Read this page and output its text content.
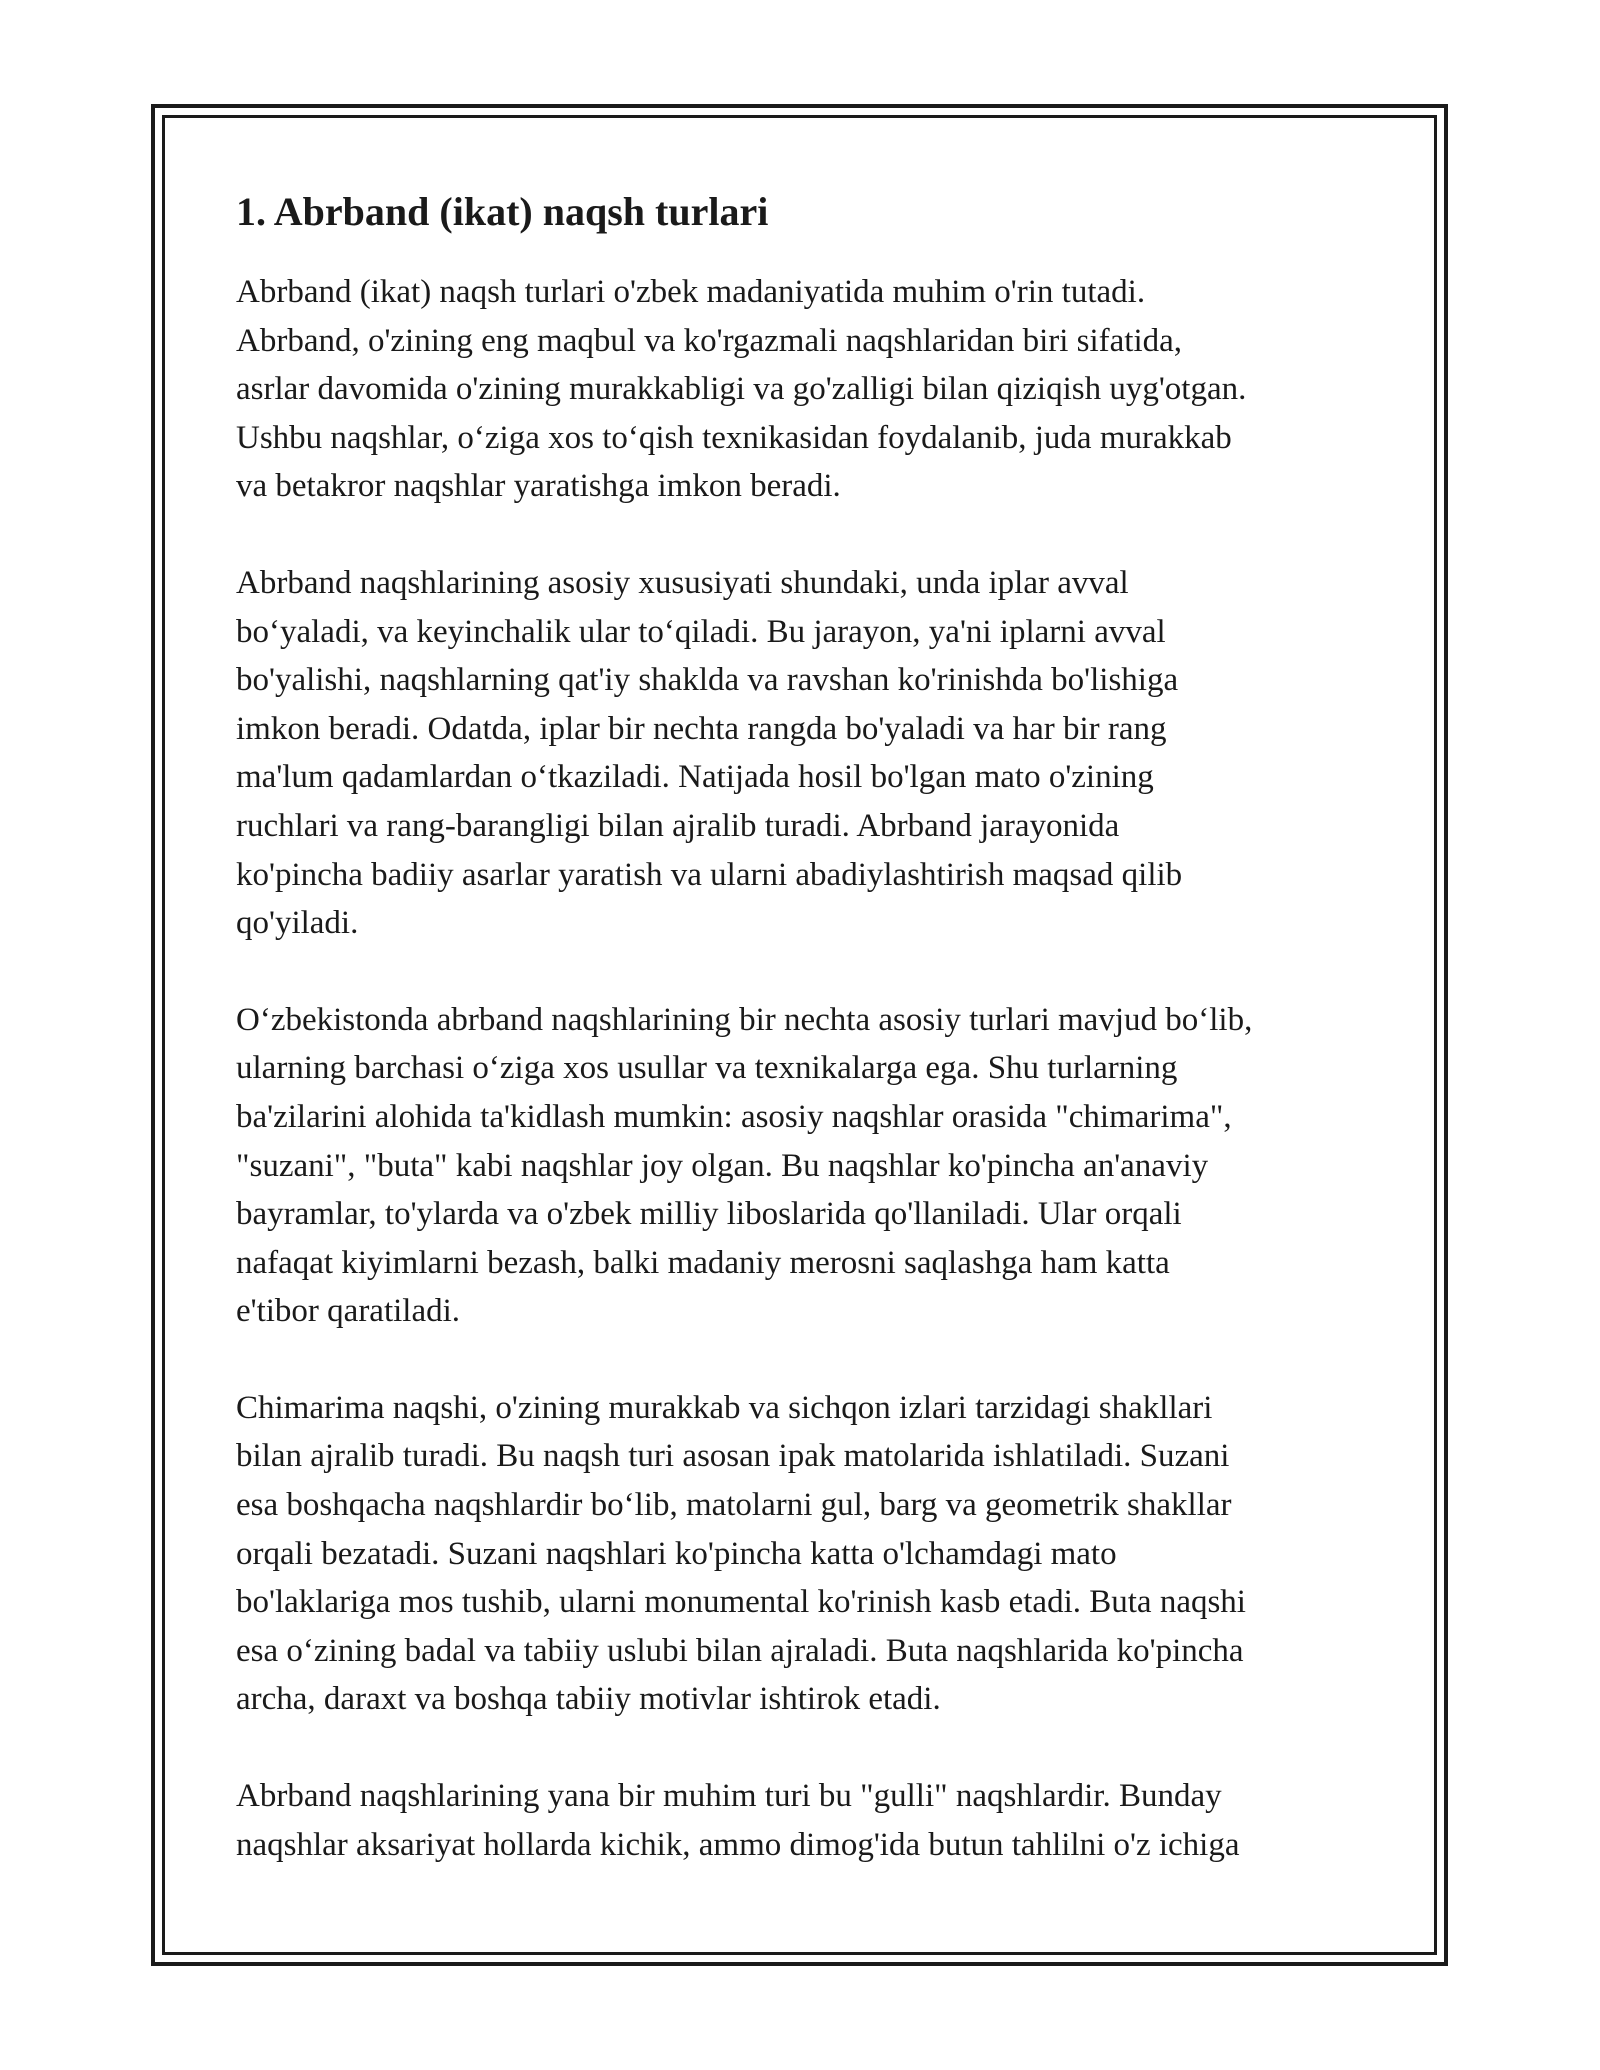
1. Abrband (ikat) naqsh turlari

Abrband (ikat) naqsh turlari o'zbek madaniyatida muhim o'rin tutadi.
Abrband, o'zining eng maqbul va ko'rgazmali naqshlaridan biri sifatida,
asrlar davomida o'zining murakkabligi va go'zalligi bilan qiziqish uyg'otgan.
Ushbu naqshlar, o‘ziga xos to‘qish texnikasidan foydalanib, juda murakkab
va betakror naqshlar yaratishga imkon beradi.

Abrband naqshlarining asosiy xususiyati shundaki, unda iplar avval
bo‘yaladi, va keyinchalik ular to‘qiladi. Bu jarayon, ya'ni iplarni avval
bo'yalishi, naqshlarning qat'iy shaklda va ravshan ko'rinishda bo'lishiga
imkon beradi. Odatda, iplar bir nechta rangda bo'yaladi va har bir rang
ma'lum qadamlardan o‘tkaziladi. Natijada hosil bo'lgan mato o'zining
ruchlari va rang-barangligi bilan ajralib turadi. Abrband jarayonida
ko'pincha badiiy asarlar yaratish va ularni abadiylashtirish maqsad qilib
qo'yiladi.

O‘zbekistonda abrband naqshlarining bir nechta asosiy turlari mavjud bo‘lib,
ularning barchasi o‘ziga xos usullar va texnikalarga ega. Shu turlarning
ba'zilarini alohida ta'kidlash mumkin: asosiy naqshlar orasida "chimarima",
"suzani", "buta" kabi naqshlar joy olgan. Bu naqshlar ko'pincha an'anaviy
bayramlar, to'ylarda va o'zbek milliy liboslarida qo'llaniladi. Ular orqali
nafaqat kiyimlarni bezash, balki madaniy merosni saqlashga ham katta
e'tibor qaratiladi.

Chimarima naqshi, o'zining murakkab va sichqon izlari tarzidagi shakllari
bilan ajralib turadi. Bu naqsh turi asosan ipak matolarida ishlatiladi. Suzani
esa boshqacha naqshlardir bo‘lib, matolarni gul, barg va geometrik shakllar
orqali bezatadi. Suzani naqshlari ko'pincha katta o'lchamdagi mato
bo'laklariga mos tushib, ularni monumental ko'rinish kasb etadi. Buta naqshi
esa o‘zining badal va tabiiy uslubi bilan ajraladi. Buta naqshlarida ko'pincha
archa, daraxt va boshqa tabiiy motivlar ishtirok etadi.

Abrband naqshlarining yana bir muhim turi bu "gulli" naqshlardir. Bunday
naqshlar aksariyat hollarda kichik, ammo dimog'ida butun tahlilni o'z ichiga
